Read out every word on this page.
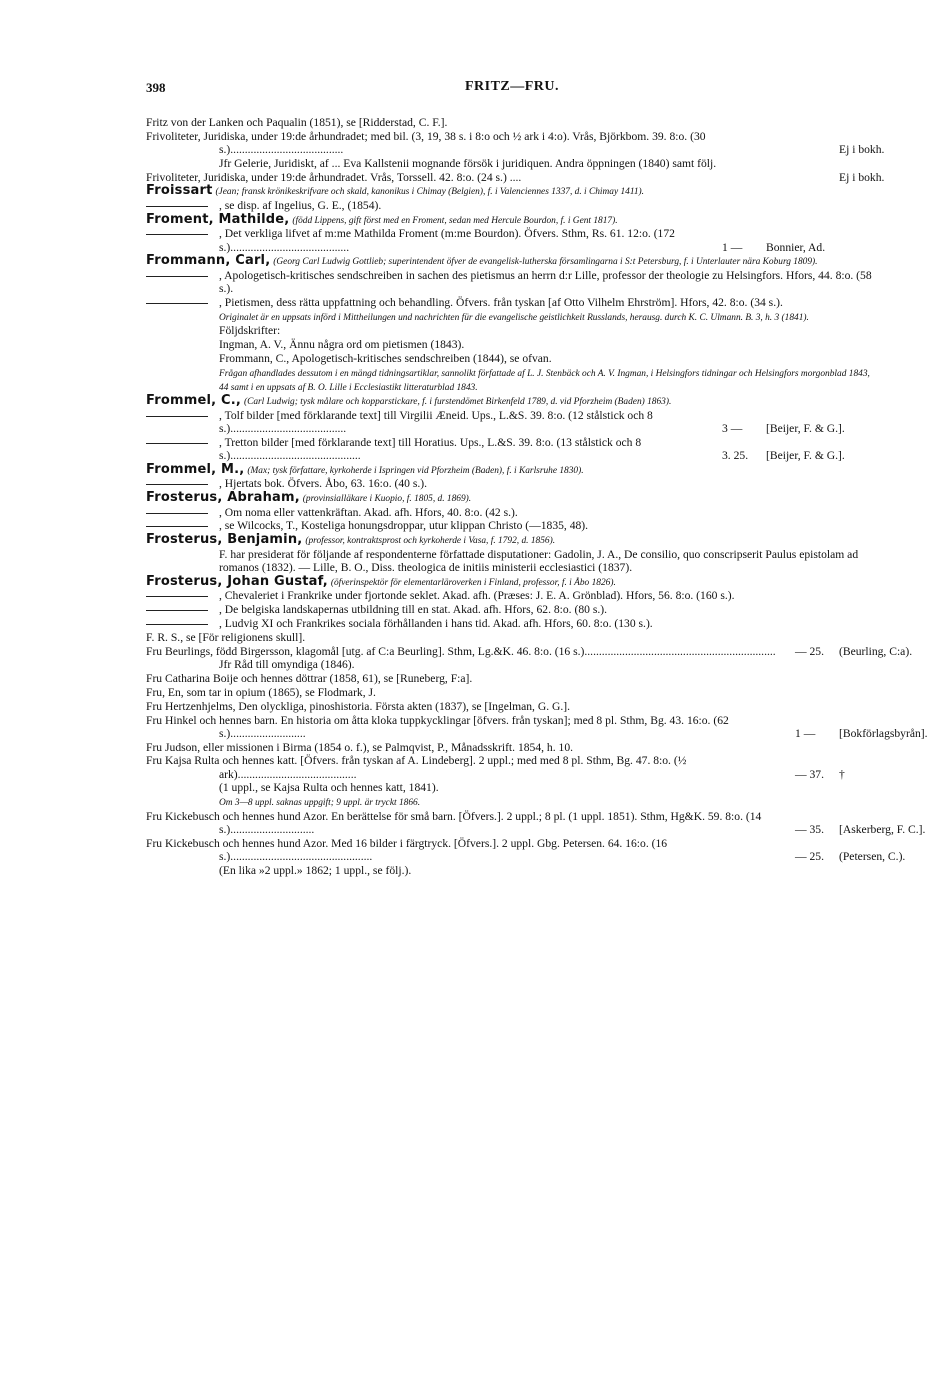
398	FRITZ—FRU.
Fritz von der Lanken och Paqualin (1851), se [Ridderstad, C. F.].
Frivoliteter, Juridiska, under 19:de århundradet; med bil. (3, 19, 38 s. i 8:o och ½ ark i 4:o). Vrås, Björkbom. 39. 8:o. (30 s.).......................................	Ej i bokh.
Jfr Gelerie, Juridiskt, af ... Eva Kallstenii mognande försök i juridiquen. Andra öppningen (1840) samt följ.
Frivoliteter, Juridiska, under 19:de århundradet. Vrås, Torssell. 42. 8:o. (24 s.) ....	Ej i bokh.
Froissart (Jean; fransk krönikeskrifvare och skald, kanonikus i Chimay (Belgien), f. i Valenciennes 1337, d. i Chimay 1411).
, se disp. af Ingelius, G. E., (1854).
Froment, Mathilde, (född Lippens, gift först med en Froment, sedan med Hercule Bourdon, f. i Gent 1817).
, Det verkliga lifvet af m:me Mathilda Froment (m:me Bourdon). Öfvers. Sthm, Rs. 61. 12:o. (172 s.).........................................	1 —	Bonnier, Ad.
Frommann, Carl, (Georg Carl Ludwig Gottlieb; superintendent öfver de evangelisk-lutherska församlingarna i S:t Petersburg, f. i Unterlauter nära Koburg 1809).
, Apologetisch-kritisches sendschreiben in sachen des pietismus an herrn d:r Lille, professor der theologie zu Helsingfors. Hfors, 44. 8:o. (58 s.).
, Pietismen, dess rätta uppfattning och behandling. Öfvers. från tyskan [af Otto Vilhelm Ehrström]. Hfors, 42. 8:o. (34 s.).
Originalet är en uppsats införd i Mittheilungen und nachrichten für die evangelische geistlichkeit Russlands, herausg. durch K. C. Ulmann. B. 3, h. 3 (1841).
Följdskrifter:
Ingman, A. V., Ännu några ord om pietismen (1843).
Frommann, C., Apologetisch-kritisches sendschreiben (1844), se ofvan.
Frågan afhandlades dessutom i en mängd tidningsartiklar, sannolikt författade af L. J. Stenbäck och A. V. Ingman, i Helsingfors tidningar och Helsingfors morgonblad 1843, 44 samt i en uppsats af B. O. Lille i Ecclesiastikt litteraturblad 1843.
Frommel, C., (Carl Ludwig; tysk målare och kopparstickare, f. i furstendömet Birkenfeld 1789, d. vid Pforzheim (Baden) 1863).
, Tolf bilder [med förklarande text] till Virgilii Æneid. Ups., L.&S. 39. 8:o. (12 stålstick och 8 s.)........................................	3 —	[Beijer, F. & G.].
, Tretton bilder [med förklarande text] till Horatius. Ups., L.&S. 39. 8:o. (13 stålstick och 8 s.).............................................	3. 25.	[Beijer, F. & G.].
Frommel, M., (Max; tysk författare, kyrkoherde i Ispringen vid Pforzheim (Baden), f. i Karlsruhe 1830).
, Hjertats bok. Öfvers. Åbo, 63. 16:o. (40 s.).
Frosterus, Abraham, (provinsialläkare i Kuopio, f. 1805, d. 1869).
, Om noma eller vattenkräftan. Akad. afh. Hfors, 40. 8:o. (42 s.).
, se Wilcocks, T., Kosteliga honungsdroppar, utur klippan Christo (—1835, 48).
Frosterus, Benjamin, (professor, kontraktsprost och kyrkoherde i Vasa, f. 1792, d. 1856).
F. har presiderat för följande af respondenterne författade disputationer: Gadolin, J. A., De consilio, quo conscripserit Paulus epistolam ad romanos (1832). — Lille, B. O., Diss. theologica de initiis ministerii ecclesiastici (1837).
Frosterus, Johan Gustaf, (öfverinspektör för elementarläroverken i Finland, professor, f. i Åbo 1826).
, Chevaleriet i Frankrike under fjortonde seklet. Akad. afh. (Præses: J. E. A. Grönblad). Hfors, 56. 8:o. (160 s.).
, De belgiska landskapernas utbildning till en stat. Akad. afh. Hfors, 62. 8:o. (80 s.).
, Ludvig XI och Frankrikes sociala förhållanden i hans tid. Akad. afh. Hfors, 60. 8:o. (130 s.).
F. R. S., se [För religionens skull].
Fru Beurlings, född Birgersson, klagomål [utg. af C:a Beurling]. Sthm, Lg.&K. 46. 8:o. (16 s.)..................................................................	— 25.	(Beurling, C:a).
Jfr Råd till omyndiga (1846).
Fru Catharina Boije och hennes döttrar (1858, 61), se [Runeberg, F:a].
Fru, En, som tar in opium (1865), se Flodmark, J.
Fru Hertzenhjelms, Den olyckliga, pinoshistoria. Första akten (1837), se [Ingelman, G. G.].
Fru Hinkel och hennes barn. En historia om åtta kloka tuppkycklingar [öfvers. från tyskan]; med 8 pl. Sthm, Bg. 43. 16:o. (62 s.)..........................	1 —	[Bokförlagsbyrån].
Fru Judson, eller missionen i Birma (1854 o. f.), se Palmqvist, P., Månadsskrift. 1854, h. 10.
Fru Kajsa Rulta och hennes katt. [Öfvers. från tyskan af A. Lindeberg]. 2 uppl.; med med 8 pl. Sthm, Bg. 47. 8:o. (½ ark).........................................	— 37.	†
(1 uppl., se Kajsa Rulta och hennes katt, 1841).
Om 3—8 uppl. saknas uppgift; 9 uppl. är tryckt 1866.
Fru Kickebusch och hennes hund Azor. En berättelse för små barn. [Öfvers.]. 2 uppl.; 8 pl. (1 uppl. 1851). Sthm, Hg&K. 59. 8:o. (14 s.).............................	— 35.	[Askerberg, F. C.].
Fru Kickebusch och hennes hund Azor. Med 16 bilder i färgtryck. [Öfvers.]. 2 uppl. Gbg. Petersen. 64. 16:o. (16 s.).................................................	— 25.	(Petersen, C.).
(En lika »2 uppl.» 1862; 1 uppl., se följ.).
